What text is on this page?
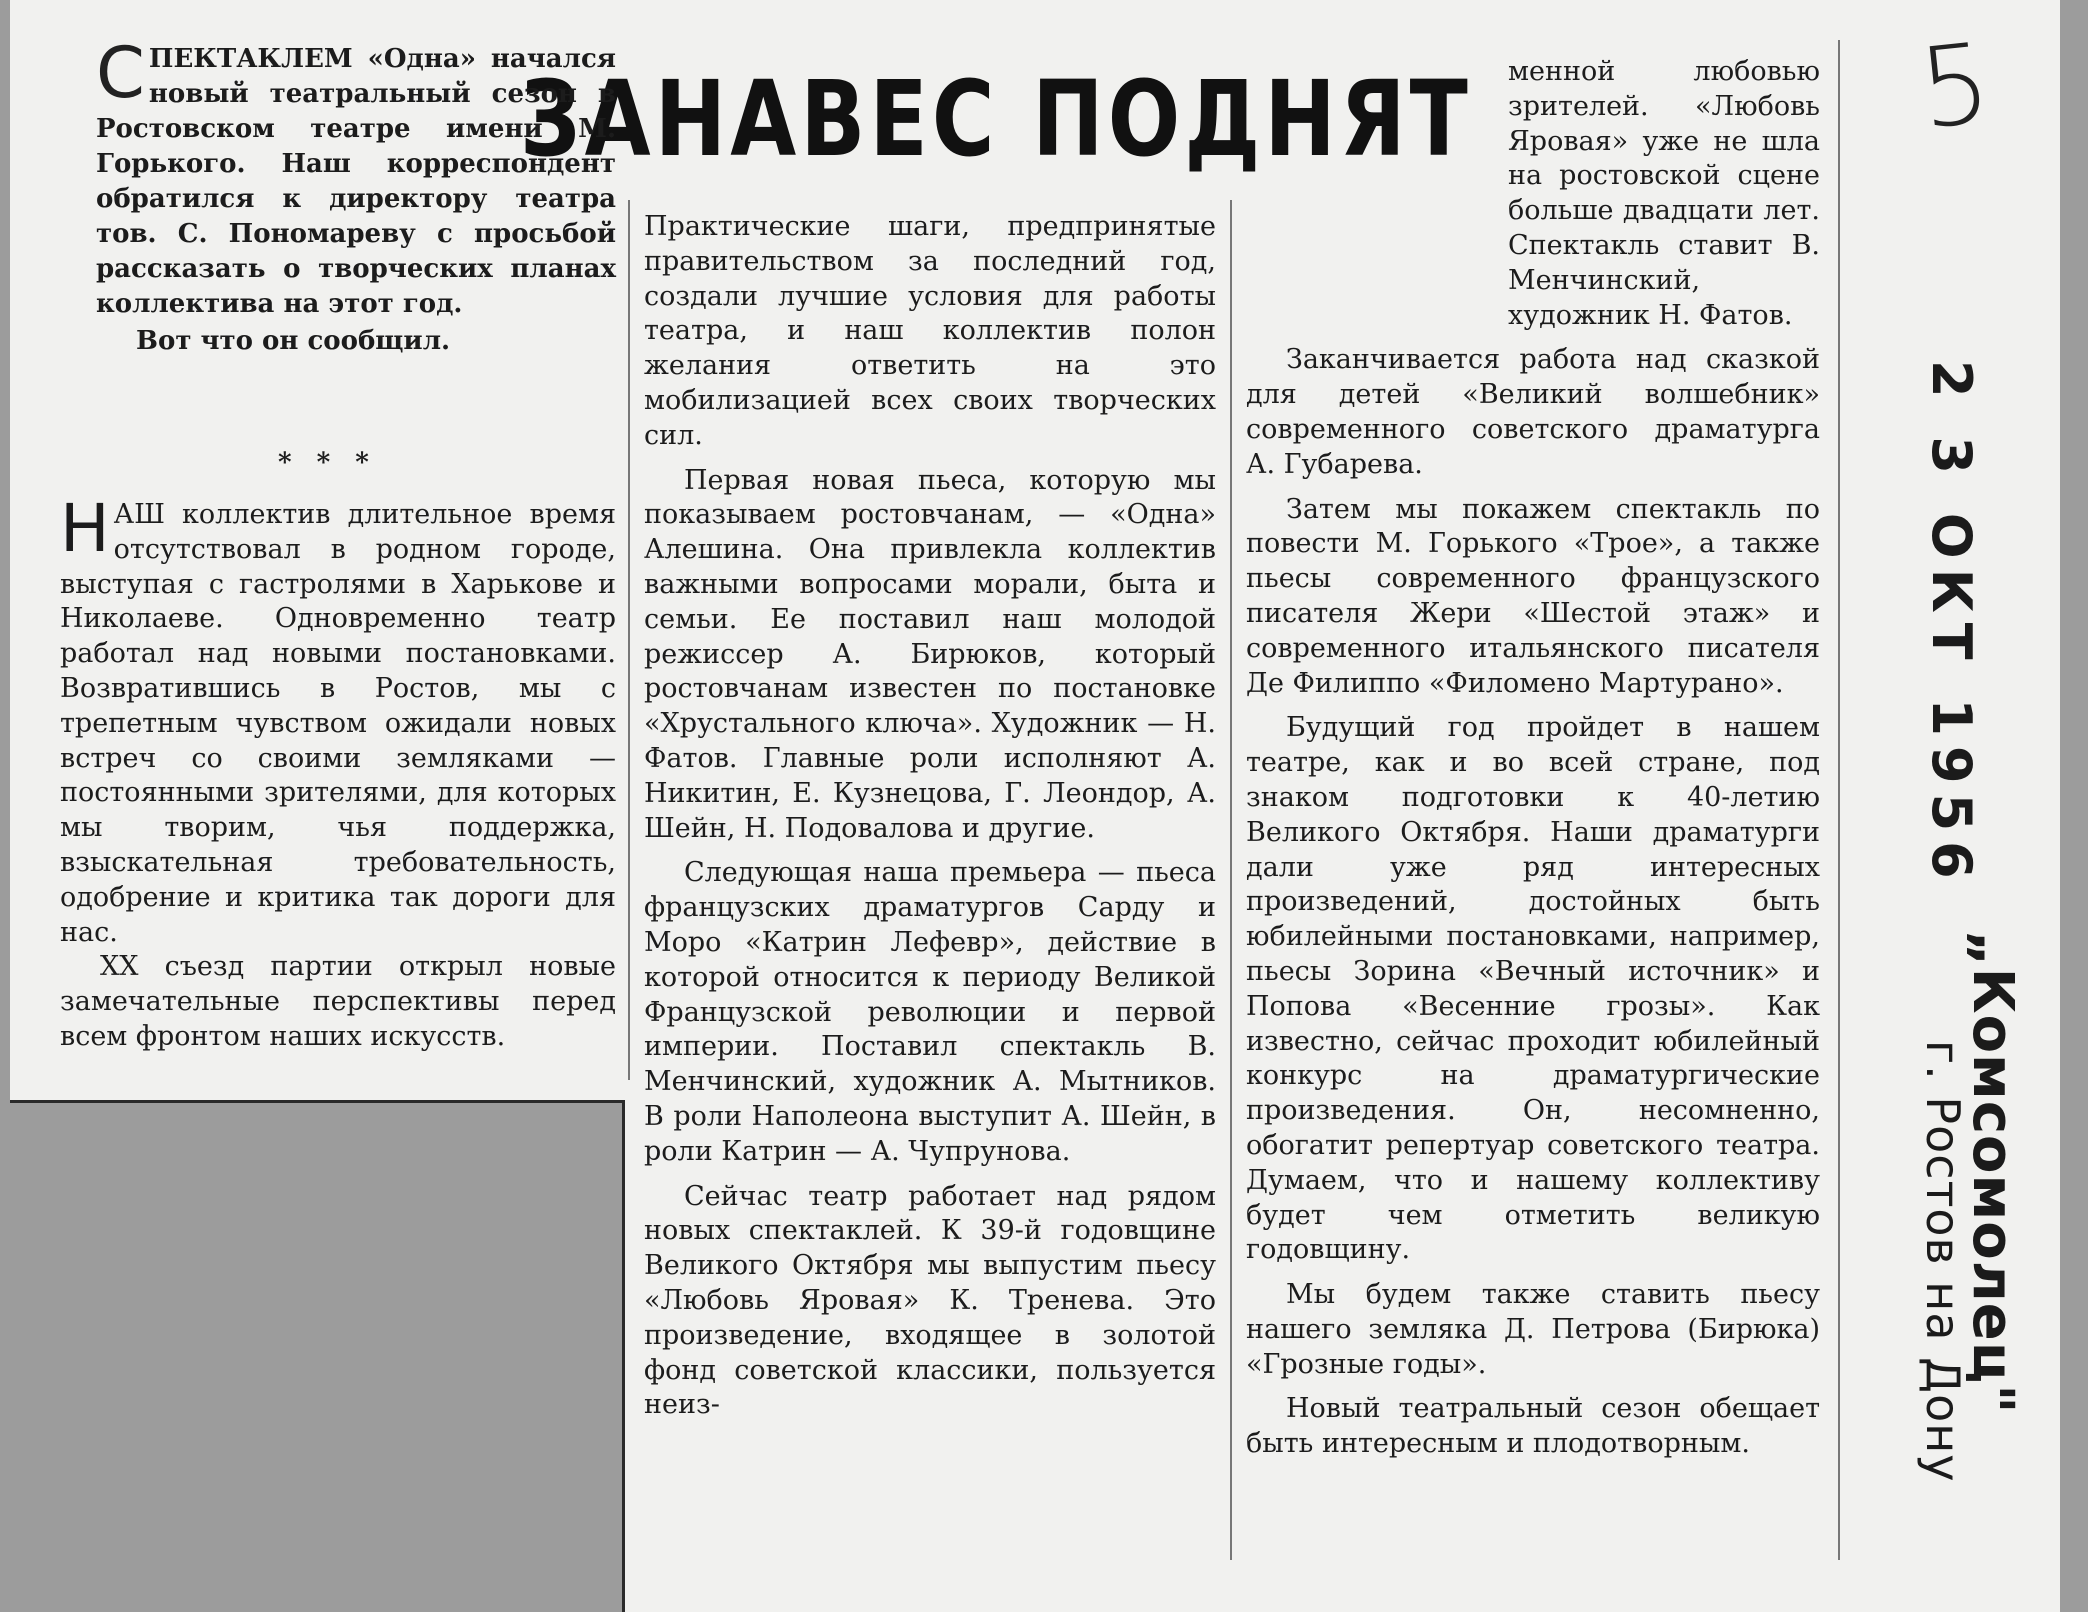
5
ЗАНАВЕС ПОДНЯТ
С ПЕКТАКЛЕМ «Одна» начался новый театральный сезон в Ростовском театре имени М. Горького. Наш корреспондент обратился к директору театра тов. С. Пономареву с просьбой рассказать о творческих планах коллектива на этот год.

Вот что он сообщил.

* * *

Н АШ коллектив длительное время отсутствовал в родном городе, выступая с гастролями в Харькове и Николаеве. Одновременно театр работал над новыми постановками. Возвратившись в Ростов, мы с трепетным чувством ожидали новых встреч со своими земляками — постоянными зрителями, для которых мы творим, чья поддержка, взыскательная требовательность, одобрение и критика так дороги для нас.

XX съезд партии открыл новые замечательные перспективы перед всем фронтом наших искусств.

Практические шаги, предпринятые правительством за последний год, создали лучшие условия для работы театра, и наш коллектив полон желания ответить на это мобилизацией всех своих творческих сил.

Первая новая пьеса, которую мы показываем ростовчанам, — «Одна» Алешина. Она привлекла коллектив важными вопросами морали, быта и семьи. Ее поставил наш молодой режиссер А. Бирюков, который ростовчанам известен по постановке «Хрустального ключа». Художник — Н. Фатов. Главные роли исполняют А. Никитин, Е. Кузнецова, Г. Леондор, А. Шейн, Н. Подовалова и другие.

Следующая наша премьера — пьеса французских драматургов Сарду и Моро «Катрин Лефевр», действие в которой относится к периоду Великой Французской революции и первой империи. Поставил спектакль В. Менчинский, художник А. Мытников. В роли Наполеона выступит А. Шейн, в роли Катрин — А. Чупрунова.

Сейчас театр работает над рядом новых спектаклей. К 39-й годовщине Великого Октября мы выпустим пьесу «Любовь Яровая» К. Тренева. Это произведение, входящее в золотой фонд советской классики, пользуется неиз-

менной любовью зрителей. «Любовь Яровая» уже не шла на ростовской сцене больше двадцати лет. Спектакль ставит В. Менчинский, художник Н. Фатов.

Заканчивается работа над сказкой для детей «Великий волшебник» современного советского драматурга А. Губарева.

Затем мы покажем спектакль по повести М. Горького «Трое», а также пьесы современного французского писателя Жери «Шестой этаж» и современного итальянского писателя Де Филиппо «Филомено Мартурано».

Будущий год пройдет в нашем театре, как и во всей стране, под знаком подготовки к 40-летию Великого Октября. Наши драматурги дали уже ряд интересных произведений, достойных быть юбилейными постановками, например, пьесы Зорина «Вечный источник» и Попова «Весенние грозы». Как известно, сейчас проходит юбилейный конкурс на драматургические произведения. Он, несомненно, обогатит репертуар советского театра. Думаем, что и нашему коллективу будет чем отметить великую годовщину.

Мы будем также ставить пьесу нашего земляка Д. Петрова (Бирюка) «Грозные годы».

Новый театральный сезон обещает быть интересным и плодотворным.

2 3 ОКТ 1956
„Комсомолец"
г. Ростов на Дону
